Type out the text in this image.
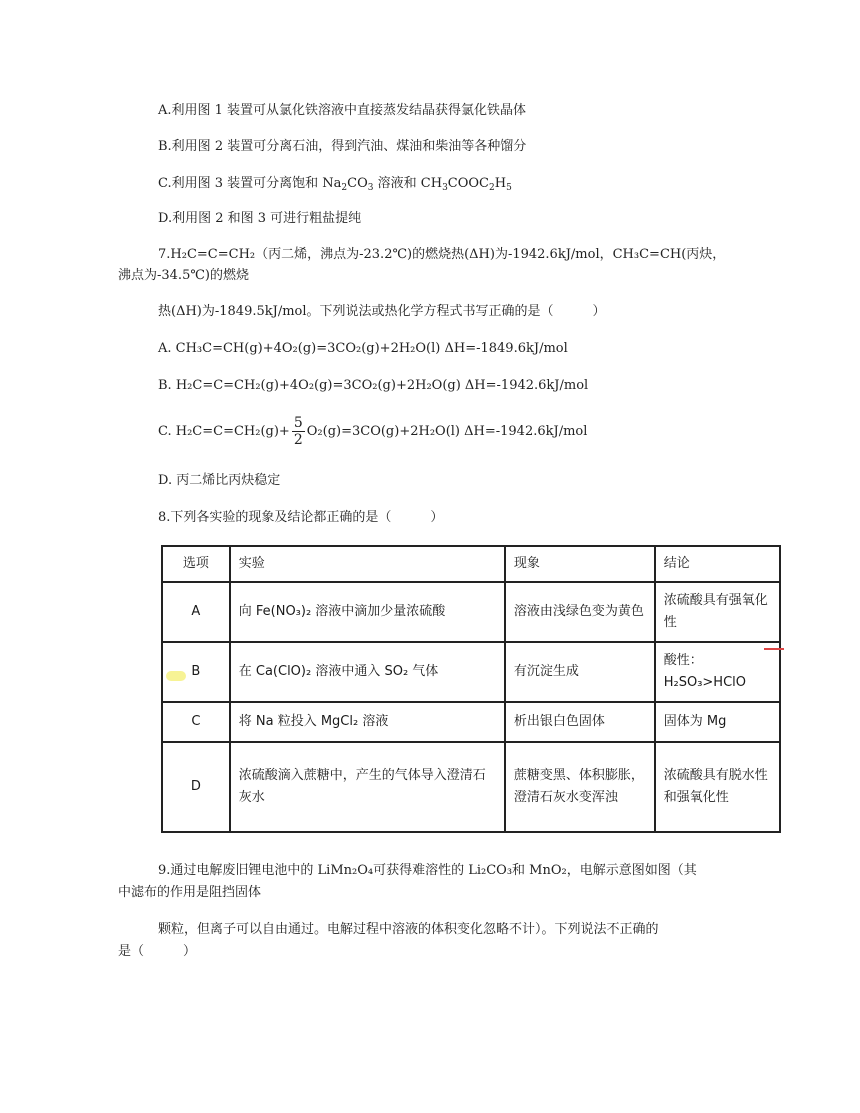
A.利用图 1 装置可从氯化铁溶液中直接蒸发结晶获得氯化铁晶体
B.利用图 2 装置可分离石油，得到汽油、煤油和柴油等各种馏分
C.利用图 3 装置可分离饱和 $Na_2CO_3$ 溶液和 $CH_3COOC_2H_5$
D.利用图 2 和图 3 可进行粗盐提纯
7.H₂C=C=CH₂（丙二烯，沸点为-23.2℃)的燃烧热(ΔH)为-1942.6kJ/mol，CH₃C=CH(丙炔，
沸点为-34.5℃)的燃烧
热(ΔH)为-1849.5kJ/mol。下列说法或热化学方程式书写正确的是（　　　）
A. CH₃C=CH(g)+4O₂(g)=3CO₂(g)+2H₂O(l) ΔH=-1849.6kJ/mol
B. H₂C=C=CH₂(g)+4O₂(g)=3CO₂(g)+2H₂O(g) ΔH=-1942.6kJ/mol
C. $H_2C=C=CH_2(g)+ \frac{5}{2} O_2(g)=3CO(g)+2H_2O(l)$ ΔH=-1942.6kJ/mol
D. 丙二烯比丙炔稳定
8.下列各实验的现象及结论都正确的是（　　　）
选项	实验	现象	结论
A	向 Fe(NO₃)₂ 溶液中滴加少量浓硫酸	溶液由浅绿色变为黄色	浓硫酸具有强氧化性
B	在 Ca(ClO)₂ 溶液中通入 SO₂ 气体	有沉淀生成	酸性：H₂SO₃>HClO
C	将 Na 粒投入 MgCl₂ 溶液	析出银白色固体	固体为 Mg
D	浓硫酸滴入蔗糖中，产生的气体导入澄清石灰水	蔗糖变黑、体积膨胀，澄清石灰水变浑浊	浓硫酸具有脱水性和强氧化性
9.通过电解废旧锂电池中的 LiMn₂O₄可获得难溶性的 Li₂CO₃和 MnO₂，电解示意图如图（其
中滤布的作用是阻挡固体
颗粒，但离子可以自由通过。电解过程中溶液的体积变化忽略不计）。下列说法不正确的
是（　　　）
